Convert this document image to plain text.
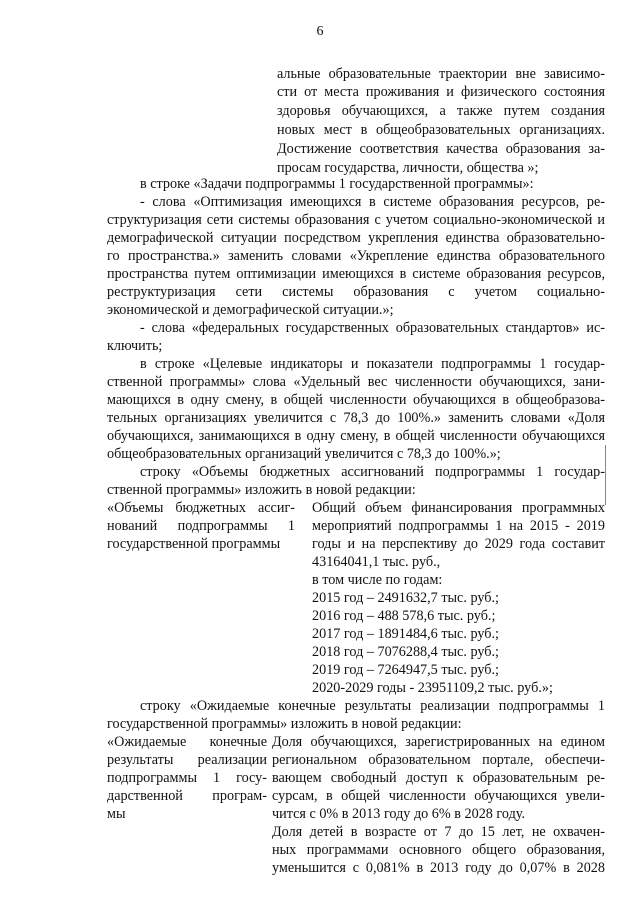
6
альные образовательные траектории вне зависимо-
сти от места проживания и физического состояния
здоровья обучающихся, а также путем создания
новых мест в общеобразовательных организациях.
Достижение соответствия качества образования за-
просам государства, личности, общества »;
в строке «Задачи подпрограммы 1 государственной программы»:
- слова «Оптимизация имеющихся в системе образования ресурсов, ре-
структуризация сети системы образования с учетом социально-экономической и
демографической ситуации посредством укрепления единства образовательно-
го пространства.» заменить словами «Укрепление единства образовательного
пространства путем оптимизации имеющихся в системе образования ресурсов,
реструктуризация сети системы образования с учетом социально-
экономической и демографической ситуации.»;
- слова «федеральных государственных образовательных стандартов» ис-
ключить;
в строке «Целевые индикаторы и показатели подпрограммы 1 государ-
ственной программы» слова «Удельный вес численности обучающихся, зани-
мающихся в одну смену, в общей численности обучающихся в общеобразова-
тельных организациях увеличится с 78,3 до 100%.» заменить словами «Доля
обучающихся, занимающихся в одну смену, в общей численности обучающихся
общеобразовательных организаций увеличится с 78,3 до 100%.»;
строку «Объемы бюджетных ассигнований подпрограммы 1 государ-
ственной программы» изложить в новой редакции:
«Объемы бюджетных ассиг-
нований подпрограммы 1
государственной программы
Общий объем финансирования программных
мероприятий подпрограммы 1 на 2015 - 2019
годы и на перспективу до 2029 года составит
43164041,1 тыс. руб.,
в том числе по годам:
2015 год – 2491632,7 тыс. руб.;
2016 год – 488 578,6 тыс. руб.;
2017 год – 1891484,6 тыс. руб.;
2018 год – 7076288,4 тыс. руб.;
2019 год – 7264947,5 тыс. руб.;
2020-2029 годы - 23951109,2 тыс. руб.»;
строку «Ожидаемые конечные результаты реализации подпрограммы 1
государственной программы» изложить в новой редакции:
«Ожидаемые конечные
результаты реализации
подпрограммы 1 госу-
дарственной програм-
мы
Доля обучающихся, зарегистрированных на едином
региональном образовательном портале, обеспечи-
вающем свободный доступ к образовательным ре-
сурсам, в общей численности обучающихся увели-
чится с 0% в 2013 году до 6% в 2028 году.
Доля детей в возрасте от 7 до 15 лет, не охвачен-
ных программами основного общего образования,
уменьшится с 0,081% в 2013 году до 0,07% в 2028
